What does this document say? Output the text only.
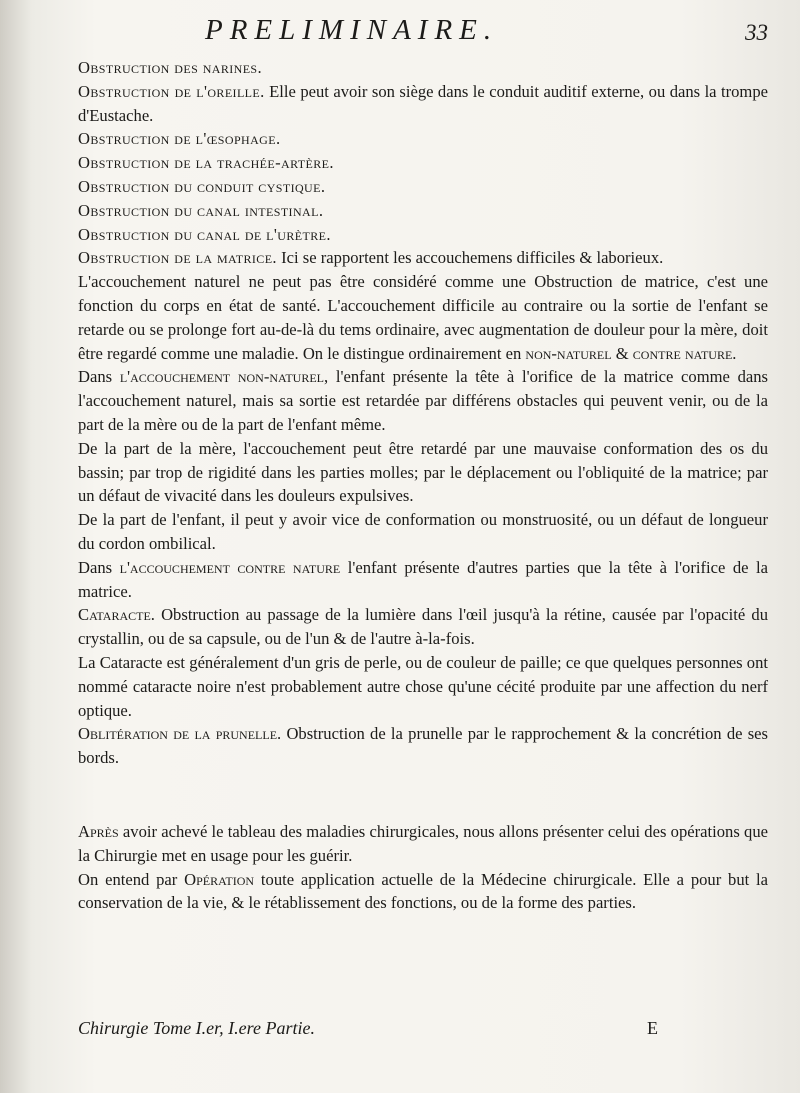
PRELIMINAIRE.	33

Obstruction des narines.

Obstruction de l'oreille. Elle peut avoir son siège dans le conduit auditif externe, ou dans la trompe d'Eustache.

Obstruction de l'œsophage.

Obstruction de la trachée-artère.

Obstruction du conduit cystique.

Obstruction du canal intestinal.

Obstruction du canal de l'urètre.

Obstruction de la matrice. Ici se rapportent les accouchemens difficiles & laborieux.

L'accouchement naturel ne peut pas être considéré comme une Obstruction de matrice, c'est une fonction du corps en état de santé. L'accouchement difficile au contraire ou la sortie de l'enfant se retarde ou se prolonge fort au-de-là du tems ordinaire, avec augmentation de douleur pour la mère, doit être regardé comme une maladie. On le distingue ordinairement en non-naturel & contre nature.

Dans l'accouchement non-naturel, l'enfant présente la tête à l'orifice de la matrice comme dans l'accouchement naturel, mais sa sortie est retardée par différens obstacles qui peuvent venir, ou de la part de la mère ou de la part de l'enfant même.

De la part de la mère, l'accouchement peut être retardé par une mauvaise conformation des os du bassin; par trop de rigidité dans les parties molles; par le déplacement ou l'obliquité de la matrice; par un défaut de vivacité dans les douleurs expulsives.

De la part de l'enfant, il peut y avoir vice de conformation ou monstruosité, ou un défaut de longueur du cordon ombilical.

Dans l'accouchement contre nature l'enfant présente d'autres parties que la tête à l'orifice de la matrice.

Cataracte. Obstruction au passage de la lumière dans l'œil jusqu'à la rétine, causée par l'opacité du crystallin, ou de sa capsule, ou de l'un & de l'autre à-la-fois.

La Cataracte est généralement d'un gris de perle, ou de couleur de paille; ce que quelques personnes ont nommé cataracte noire n'est probablement autre chose qu'une cécité produite par une affection du nerf optique.

Oblitération de la prunelle. Obstruction de la prunelle par le rapprochement & la concrétion de ses bords.

Après avoir achevé le tableau des maladies chirurgicales, nous allons présenter celui des opérations que la Chirurgie met en usage pour les guérir.

On entend par Opération toute application actuelle de la Médecine chirurgicale. Elle a pour but la conservation de la vie, & le rétablissement des fonctions, ou de la forme des parties.

Chirurgie Tome I.er, I.ere Partie.	E
